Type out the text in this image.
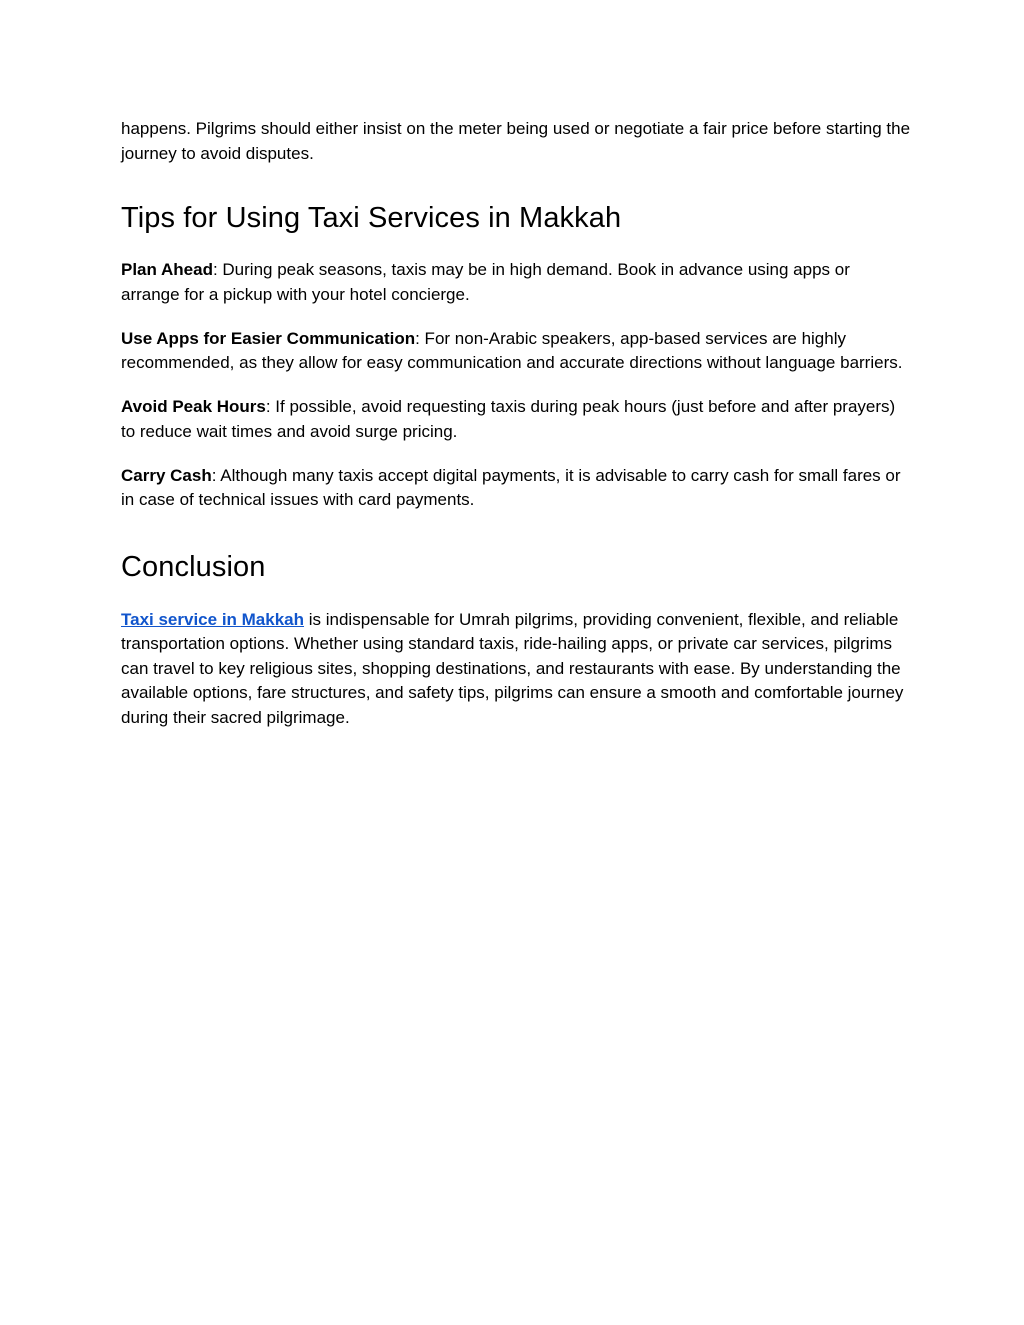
happens. Pilgrims should either insist on the meter being used or negotiate a fair price before starting the journey to avoid disputes.

Tips for Using Taxi Services in Makkah

Plan Ahead: During peak seasons, taxis may be in high demand. Book in advance using apps or arrange for a pickup with your hotel concierge.

Use Apps for Easier Communication: For non-Arabic speakers, app-based services are highly recommended, as they allow for easy communication and accurate directions without language barriers.

Avoid Peak Hours: If possible, avoid requesting taxis during peak hours (just before and after prayers) to reduce wait times and avoid surge pricing.

Carry Cash: Although many taxis accept digital payments, it is advisable to carry cash for small fares or in case of technical issues with card payments.

Conclusion

Taxi service in Makkah is indispensable for Umrah pilgrims, providing convenient, flexible, and reliable transportation options. Whether using standard taxis, ride-hailing apps, or private car services, pilgrims can travel to key religious sites, shopping destinations, and restaurants with ease. By understanding the available options, fare structures, and safety tips, pilgrims can ensure a smooth and comfortable journey during their sacred pilgrimage.
